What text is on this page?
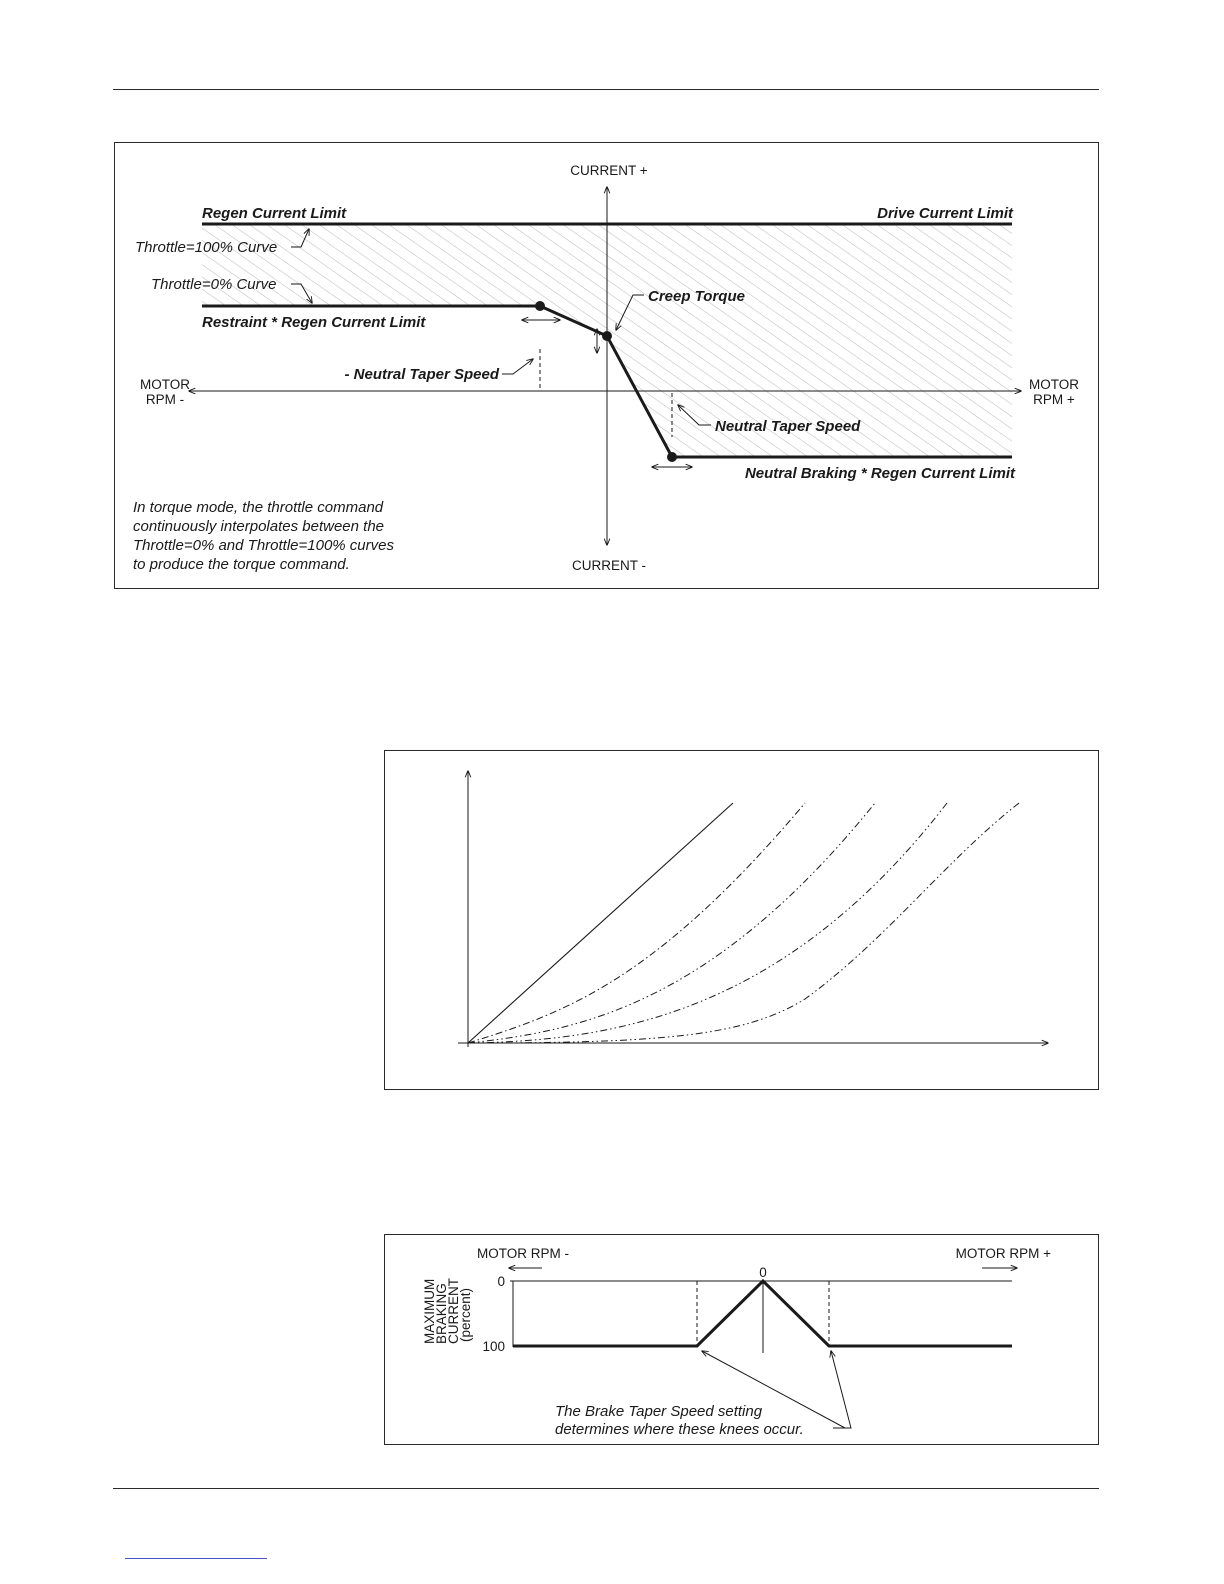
CURRENT +
CURRENT -
MOTOR
RPM -
MOTOR
RPM +
Regen Current Limit	Drive Current Limit
Throttle=100% Curve
Throttle=0% Curve
Restraint * Regen Current Limit
Creep Torque
- Neutral Taper Speed
Neutral Taper Speed
Neutral Braking * Regen Current Limit
In torque mode, the throttle command
continuously interpolates between the
Throttle=0% and Throttle=100% curves
to produce the torque command.
MOTOR RPM -	MOTOR RPM +
0
0
100
MAXIMUM
BRAKING
CURRENT
(percent)
The Brake Taper Speed setting
determines where these knees occur.
